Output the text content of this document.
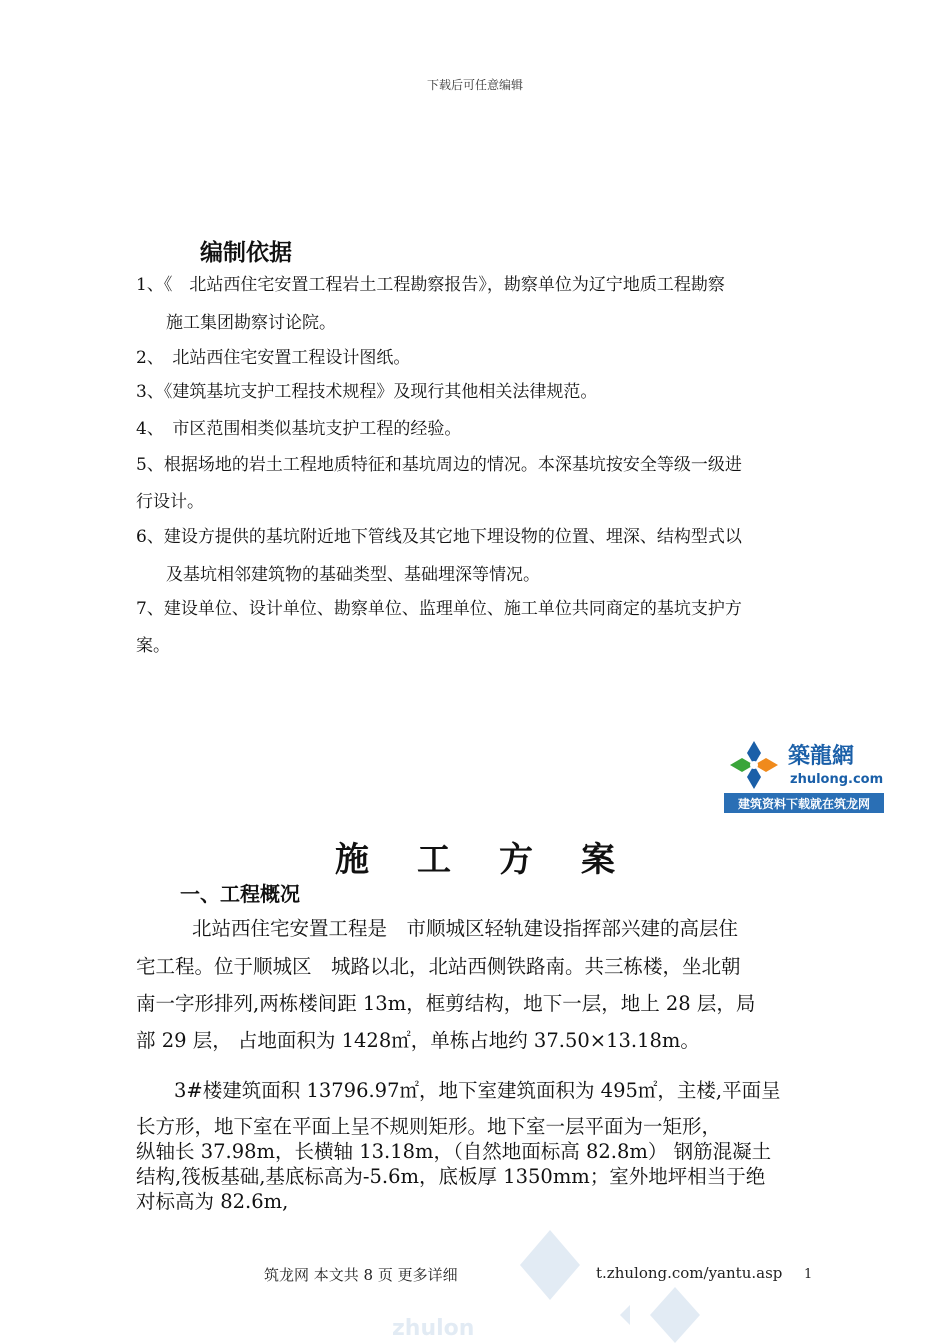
下载后可任意编辑
编制依据
1、《　北站西住宅安置工程岩土工程勘察报告》，勘察单位为辽宁地质工程勘察
施工集团勘察讨论院。
2、　北站西住宅安置工程设计图纸。
3、《建筑基坑支护工程技术规程》及现行其他相关法律规范。
4、　市区范围相类似基坑支护工程的经验。
5、根据场地的岩土工程地质特征和基坑周边的情况。本深基坑按安全等级一级进
行设计。
6、建设方提供的基坑附近地下管线及其它地下埋设物的位置、埋深、结构型式以
及基坑相邻建筑物的基础类型、基础埋深等情况。
7、建设单位、设计单位、勘察单位、监理单位、施工单位共同商定的基坑支护方
案。
築龍網
zhulong.com
建筑资料下载就在筑龙网
施 工 方 案
一、工程概况
北站西住宅安置工程是　市顺城区轻轨建设指挥部兴建的高层住
宅工程。位于顺城区　城路以北，北站西侧铁路南。共三栋楼，坐北朝
南一字形排列,两栋楼间距 13m，框剪结构，地下一层，地上 28 层，局
部 29 层， 占地面积为 1428㎡，单栋占地约 37.50×13.18m。
3#楼建筑面积 13796.97㎡，地下室建筑面积为 495㎡，主楼,平面呈
长方形，地下室在平面上呈不规则矩形。地下室一层平面为一矩形，
纵轴长 37.98m，长横轴 13.18m，（自然地面标高 82.8m） 钢筋混凝土
结构,筏板基础,基底标高为-5.6m，底板厚 1350mm；室外地坪相当于绝
对标高为 82.6m,
zhulon
筑龙网 本文共 8 页 更多详细	t.zhulong.com/yantu.asp 1
